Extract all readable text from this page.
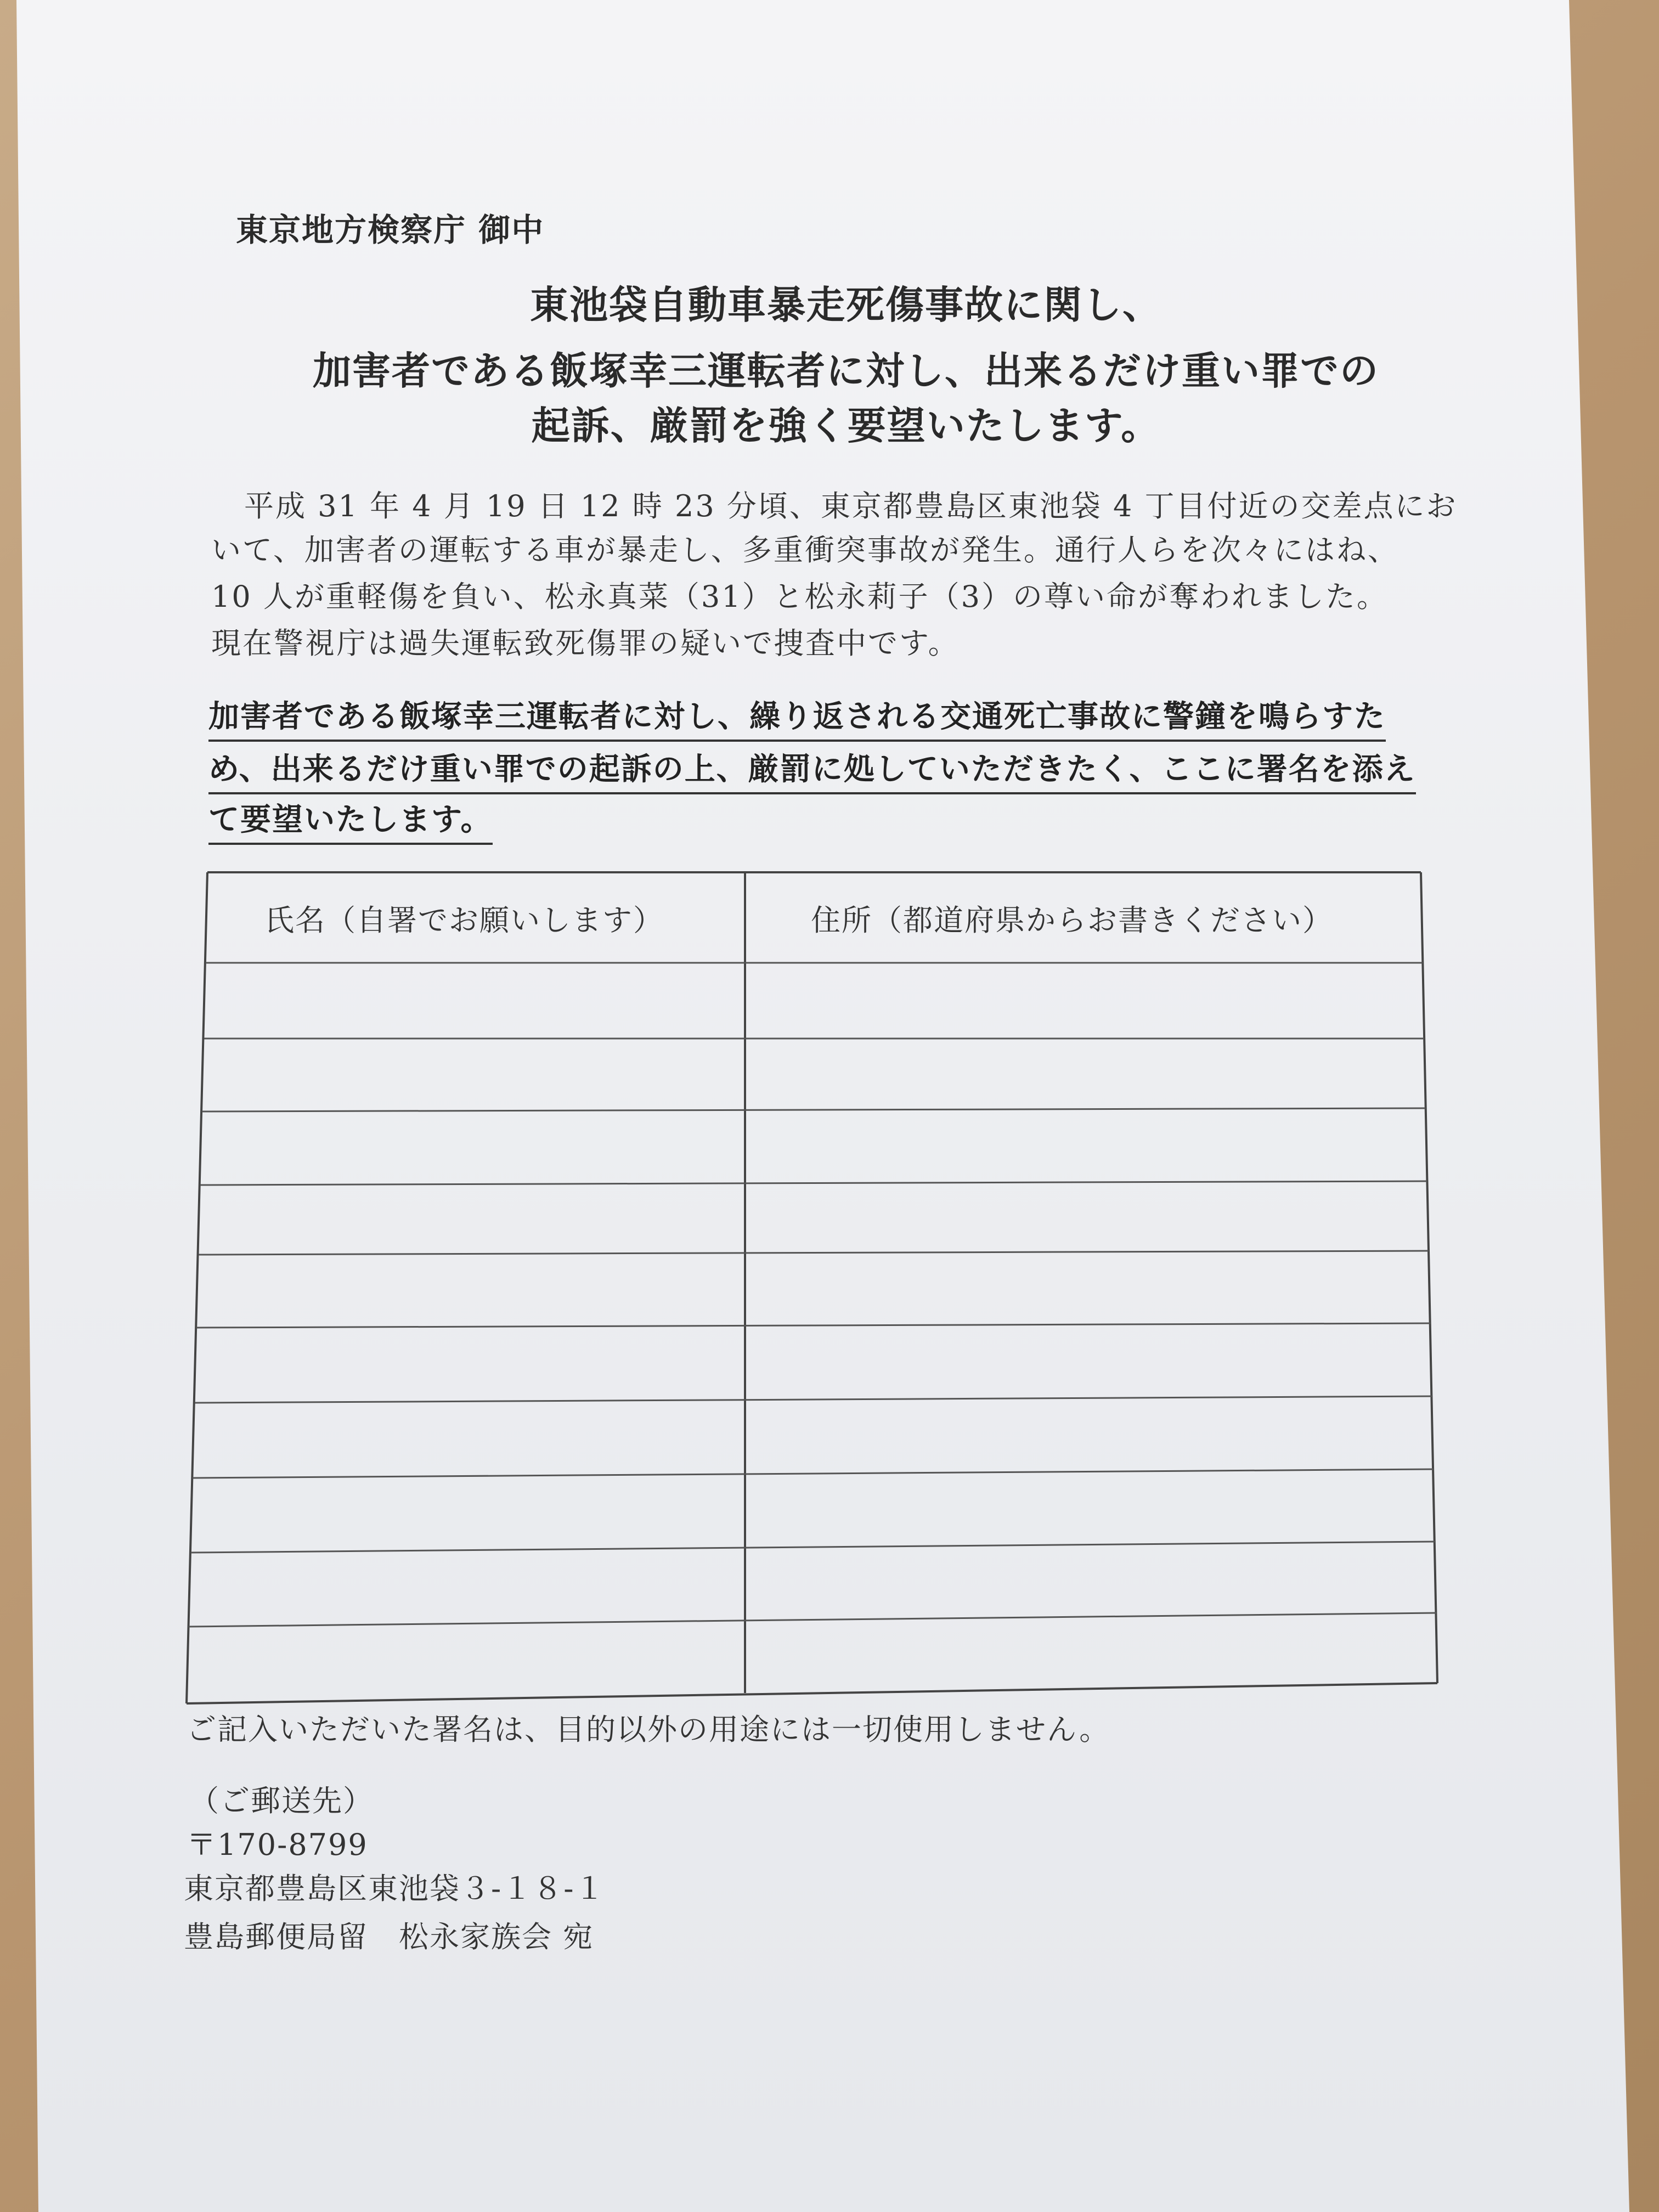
東京地方検察庁 御中
東池袋自動車暴走死傷事故に関し、
加害者である飯塚幸三運転者に対し、出来るだけ重い罪での
起訴、厳罰を強く要望いたします。
平成 31 年 4 月 19 日 12 時 23 分頃、東京都豊島区東池袋 4 丁目付近の交差点にお
いて、加害者の運転する車が暴走し、多重衝突事故が発生。通行人らを次々にはね、
10 人が重軽傷を負い、松永真菜（31）と松永莉子（3）の尊い命が奪われました。
現在警視庁は過失運転致死傷罪の疑いで捜査中です。
加害者である飯塚幸三運転者に対し、繰り返される交通死亡事故に警鐘を鳴らすた
め、出来るだけ重い罪での起訴の上、厳罰に処していただきたく、ここに署名を添え
て要望いたします。
氏名（自署でお願いします）	住所（都道府県からお書きください）
ご記入いただいた署名は、目的以外の用途には一切使用しません。
（ご郵送先）
〒170-8799
東京都豊島区東池袋３-１８-１
豊島郵便局留　松永家族会 宛
